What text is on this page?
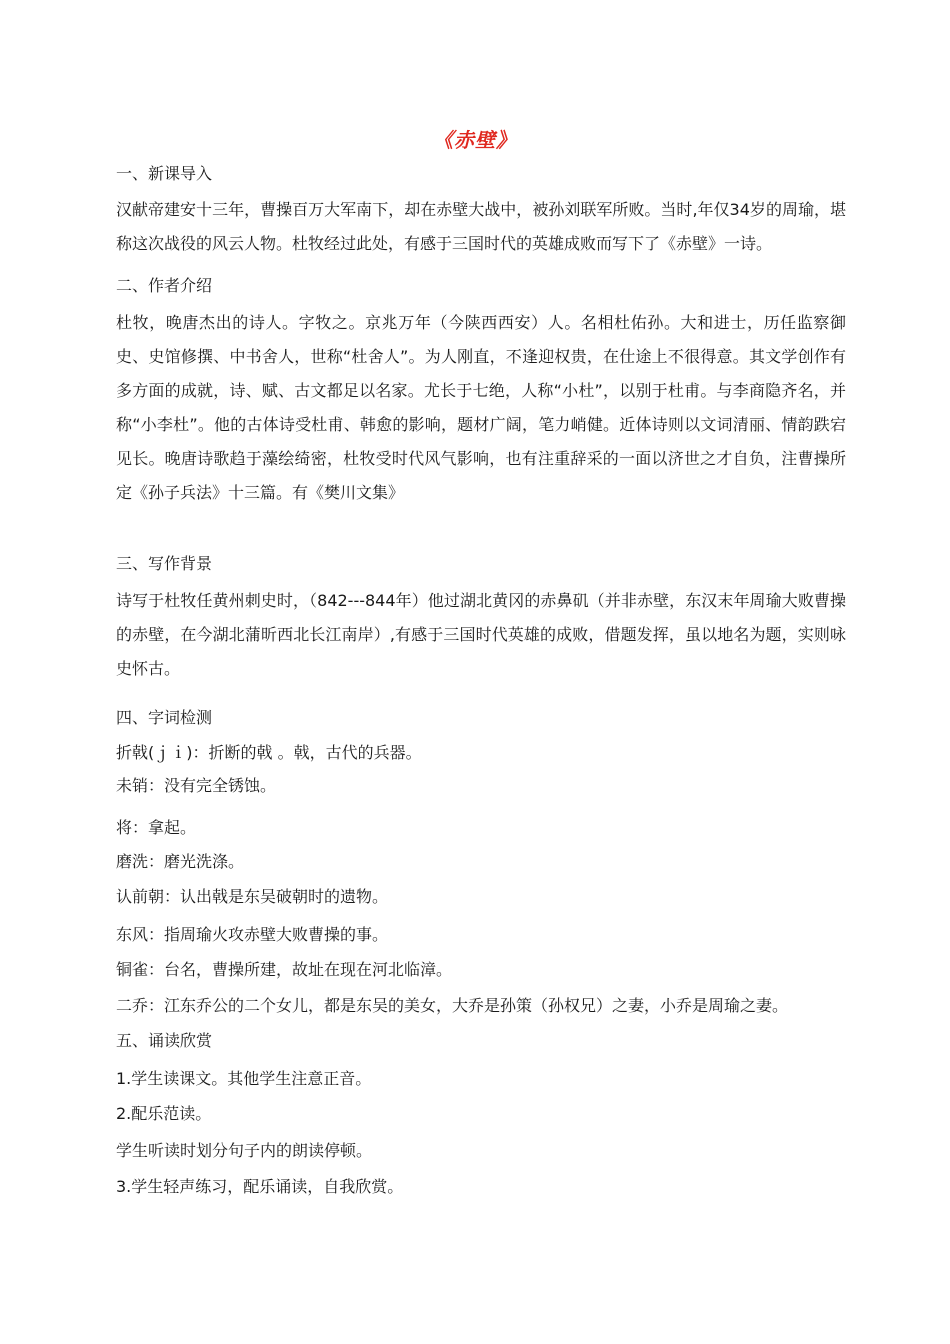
《赤壁》
一、新课导入
汉献帝建安十三年，曹操百万大军南下，却在赤壁大战中，被孙刘联军所败。当时,年仅34岁的周瑜，堪称这次战役的风云人物。杜牧经过此处，有感于三国时代的英雄成败而写下了《赤壁》一诗。
二、作者介绍
杜牧，晚唐杰出的诗人。字牧之。京兆万年（今陕西西安）人。名相杜佑孙。大和进士，历任监察御史、史馆修撰、中书舍人，世称“杜舍人”。为人刚直，不逢迎权贵，在仕途上不很得意。其文学创作有多方面的成就，诗、赋、古文都足以名家。尤长于七绝，人称“小杜”，以别于杜甫。与李商隐齐名，并称“小李杜”。他的古体诗受杜甫、韩愈的影响，题材广阔，笔力峭健。近体诗则以文词清丽、情韵跌宕见长。晚唐诗歌趋于藻绘绮密，杜牧受时代风气影响，也有注重辞采的一面以济世之才自负，注曹操所定《孙子兵法》十三篇。有《樊川文集》
三、写作背景
诗写于杜牧任黄州刺史时，（842---844年）他过湖北黄冈的赤鼻矶（并非赤壁，东汉末年周瑜大败曹操的赤壁，在今湖北蒲昕西北长江南岸）,有感于三国时代英雄的成败，借题发挥，虽以地名为题，实则咏史怀古。
四、字词检测
折戟(ｊｉ)：折断的戟 。戟，古代的兵器。
未销：没有完全锈蚀。
将：拿起。
磨洗：磨光洗涤。
认前朝：认出戟是东吴破朝时的遗物。
东风：指周瑜火攻赤壁大败曹操的事。
铜雀：台名，曹操所建，故址在现在河北临漳。
二乔：江东乔公的二个女儿，都是东吴的美女，大乔是孙策（孙权兄）之妻，小乔是周瑜之妻。
五、诵读欣赏
1.学生读课文。其他学生注意正音。
2.配乐范读。
学生听读时划分句子内的朗读停顿。
3.学生轻声练习，配乐诵读，自我欣赏。
